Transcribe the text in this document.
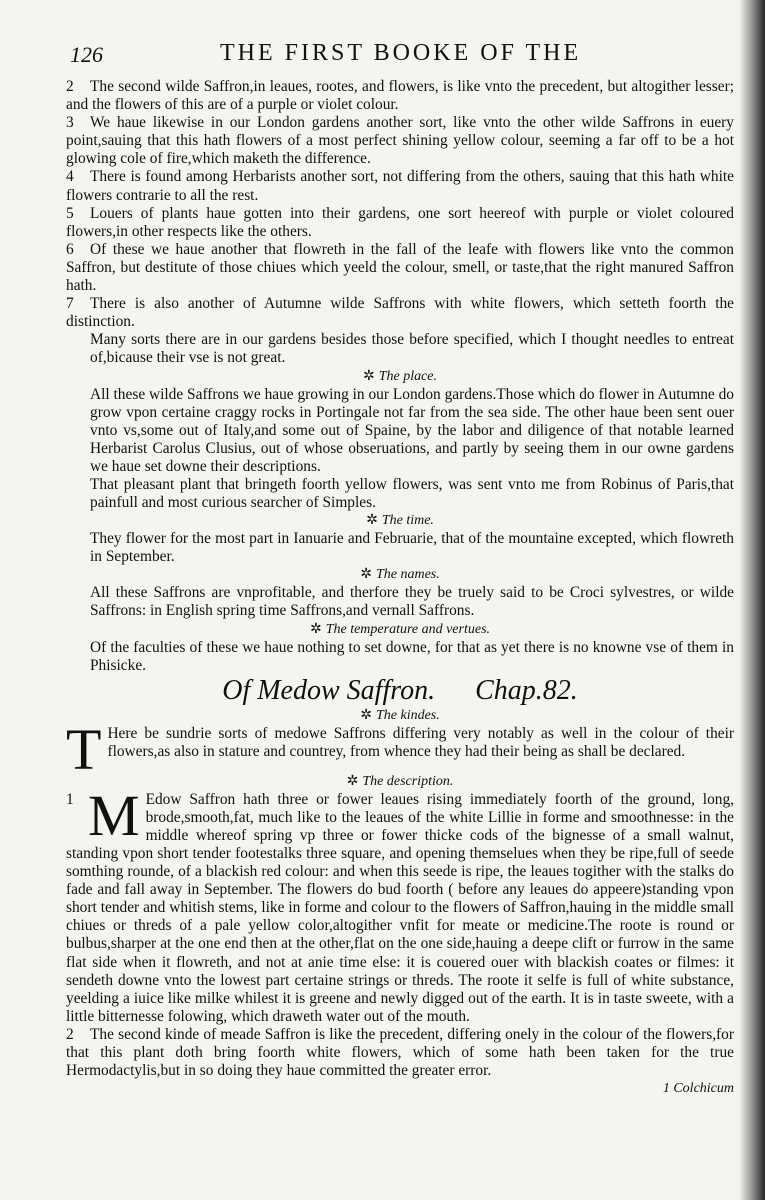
126	THE FIRST BOOKE OF THE

2 The second wilde Saffron,in leaues, rootes, and flowers, is like vnto the precedent, but altogither lesser; and the flowers of this are of a purple or violet colour.

3 We haue likewise in our London gardens another sort, like vnto the other wilde Saffrons in euery point,sauing that this hath flowers of a most perfect shining yellow colour, seeming a far off to be a hot glowing cole of fire,which maketh the difference.

4 There is found among Herbarists another sort, not differing from the others, sauing that this hath white flowers contrarie to all the rest.

5 Louers of plants haue gotten into their gardens, one sort heereof with purple or violet coloured flowers,in other respects like the others.

6 Of these we haue another that flowreth in the fall of the leafe with flowers like vnto the common Saffron, but destitute of those chiues which yeeld the colour, smell, or taste,that the right manured Saffron hath.

7 There is also another of Autumne wilde Saffrons with white flowers, which setteth foorth the distinction.

Many sorts there are in our gardens besides those before specified, which I thought needles to entreat of,bicause their vse is not great.

✲ The place.

All these wilde Saffrons we haue growing in our London gardens.Those which do flower in Autumne do grow vpon certaine craggy rocks in Portingale not far from the sea side. The other haue been sent ouer vnto vs,some out of Italy,and some out of Spaine, by the labor and diligence of that notable learned Herbarist Carolus Clusius, out of whose obseruations, and partly by seeing them in our owne gardens we haue set downe their descriptions.

That pleasant plant that bringeth foorth yellow flowers, was sent vnto me from Robinus of Paris,that painfull and most curious searcher of Simples.

✲ The time.

They flower for the most part in Ianuarie and Februarie, that of the mountaine excepted, which flowreth in September.

✲ The names.

All these Saffrons are vnprofitable, and therfore they be truely said to be Croci sylvestres, or wilde Saffrons: in English spring time Saffrons,and vernall Saffrons.

✲ The temperature and vertues.

Of the faculties of these we haue nothing to set downe, for that as yet there is no knowne vse of them in Phisicke.

Of Medow Saffron. Chap.82.

✲ The kindes.

T Here be sundrie sorts of medowe Saffrons differing very notably as well in the colour of their flowers,as also in stature and countrey, from whence they had their being as shall be declared.

✲ The description.

1 M Edow Saffron hath three or fower leaues rising immediately foorth of the ground, long, brode,smooth,fat, much like to the leaues of the white Lillie in forme and smoothnesse: in the middle whereof spring vp three or fower thicke cods of the bignesse of a small walnut, standing vpon short tender footestalks three square, and opening themselues when they be ripe,full of seede somthing rounde, of a blackish red colour: and when this seede is ripe, the leaues togither with the stalks do fade and fall away in September. The flowers do bud foorth ( before any leaues do appeere)standing vpon short tender and whitish stems, like in forme and colour to the flowers of Saffron,hauing in the middle small chiues or threds of a pale yellow color,altogither vnfit for meate or medicine.The roote is round or bulbus,sharper at the one end then at the other,flat on the one side,hauing a deepe clift or furrow in the same flat side when it flowreth, and not at anie time else: it is couered ouer with blackish coates or filmes: it sendeth downe vnto the lowest part certaine strings or threds. The roote it selfe is full of white substance, yeelding a iuice like milke whilest it is greene and newly digged out of the earth. It is in taste sweete, with a little bitternesse folowing, which draweth water out of the mouth.

2 The second kinde of meade Saffron is like the precedent, differing onely in the colour of the flowers,for that this plant doth bring foorth white flowers, which of some hath been taken for the true Hermodactylis,but in so doing they haue committed the greater error.

1 Colchicum
